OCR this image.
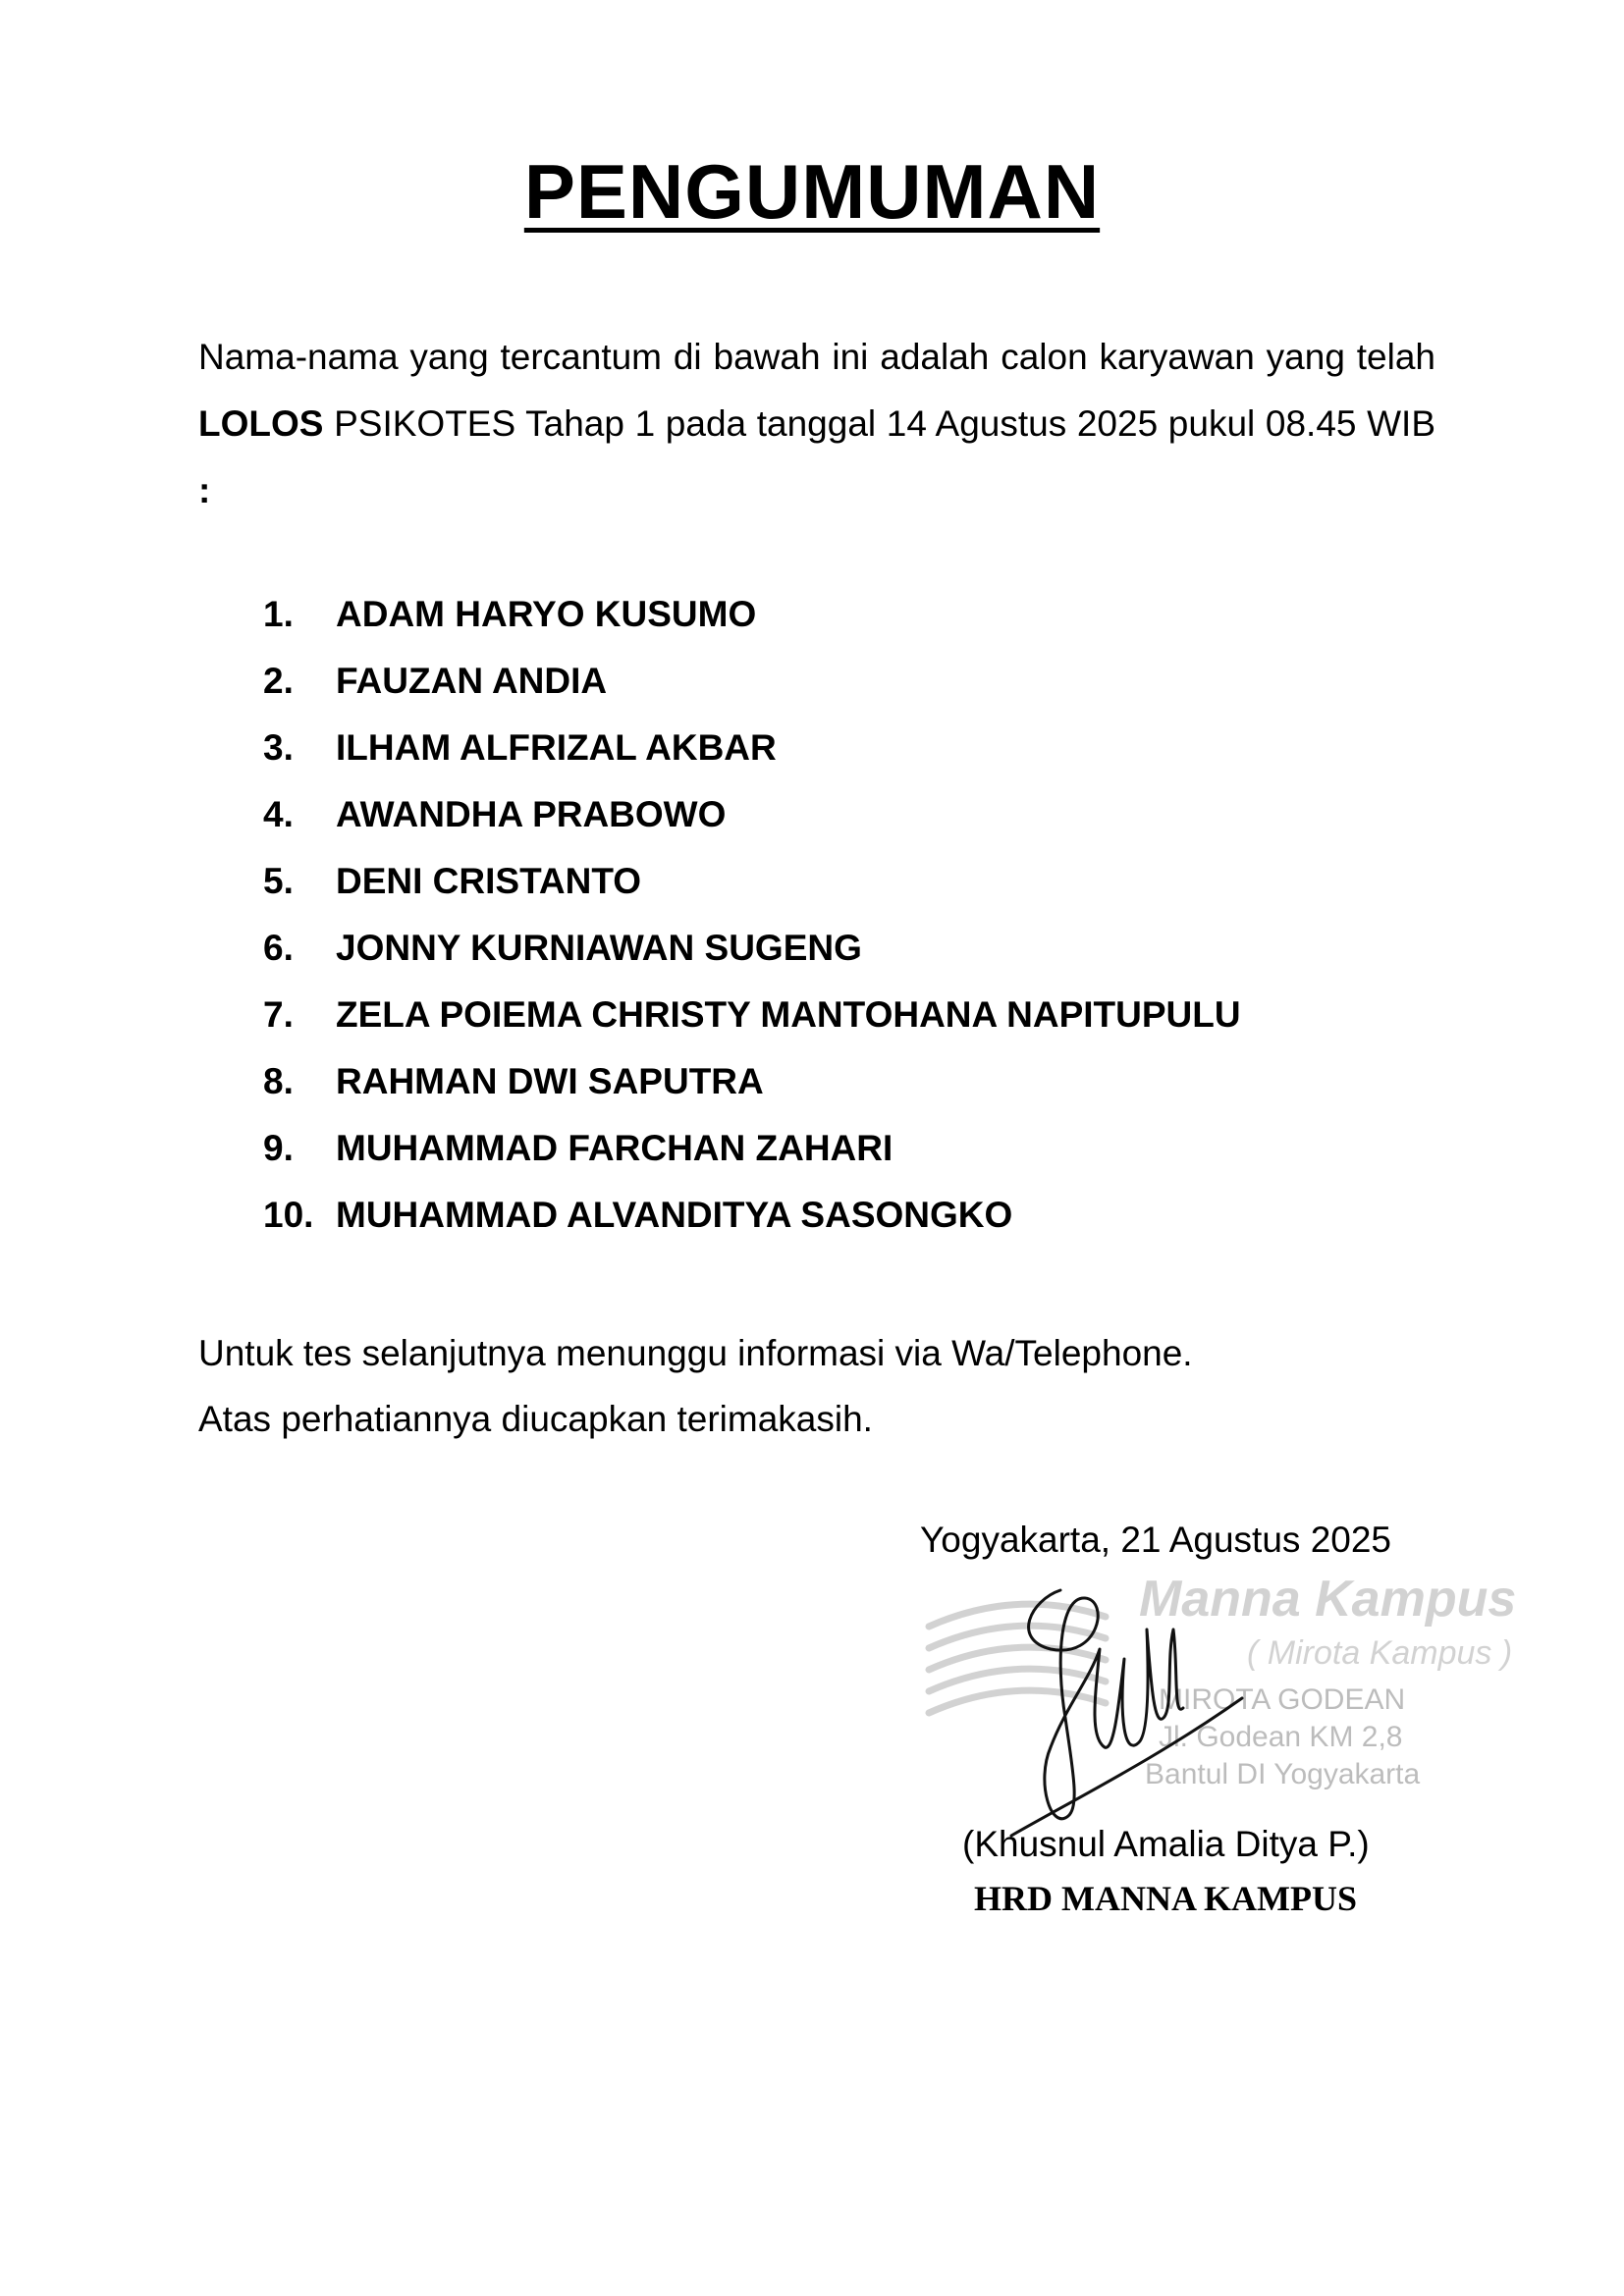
PENGUMUMAN

Nama-nama yang tercantum di bawah ini adalah calon karyawan yang telah LOLOS PSIKOTES Tahap 1 pada tanggal 14 Agustus 2025 pukul 08.45 WIB :

1.	ADAM HARYO KUSUMO
2.	FAUZAN ANDIA
3.	ILHAM ALFRIZAL AKBAR
4.	AWANDHA PRABOWO
5.	DENI CRISTANTO
6.	JONNY KURNIAWAN SUGENG
7.	ZELA POIEMA CHRISTY MANTOHANA NAPITUPULU
8.	RAHMAN DWI SAPUTRA
9.	MUHAMMAD FARCHAN ZAHARI
10. MUHAMMAD ALVANDITYA SASONGKO
Untuk tes selanjutnya menunggu informasi via Wa/Telephone.
Atas perhatiannya diucapkan terimakasih.
Yogyakarta, 21 Agustus 2025
Manna Kampus
( Mirota Kampus )
MIROTA GODEAN
Jl. Godean KM 2,8
Bantul DI Yogyakarta
(Khusnul Amalia Ditya P.)
HRD MANNA KAMPUS
